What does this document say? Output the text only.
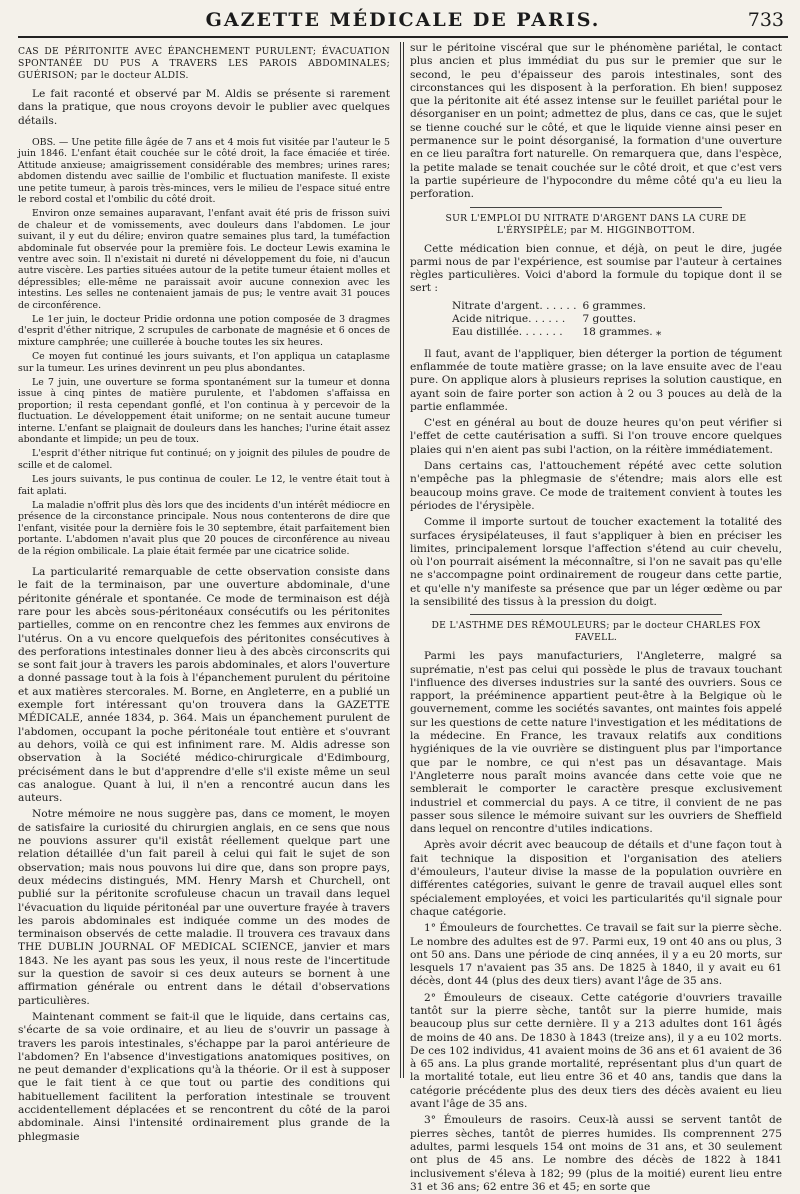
GAZETTE MÉDICALE DE PARIS.	733
CAS DE PÉRITONITE AVEC ÉPANCHEMENT PURULENT; ÉVACUATION SPONTANÉE DU PUS A TRAVERS LES PAROIS ABDOMINALES; GUÉRISON; par le docteur ALDIS.

Le fait raconté et observé par M. Aldis se présente si rarement dans la pratique, que nous croyons devoir le publier avec quelques détails.

OBS. — Une petite fille âgée de 7 ans et 4 mois fut visitée par l'auteur le 5 juin 1846. L'enfant était couchée sur le côté droit, la face émaciée et tirée. Attitude anxieuse; amaigrissement considérable des membres; urines rares; abdomen distendu avec saillie de l'ombilic et fluctuation manifeste. Il existe une petite tumeur, à parois très-minces, vers le milieu de l'espace situé entre le rebord costal et l'ombilic du côté droit.

Environ onze semaines auparavant, l'enfant avait été pris de frisson suivi de chaleur et de vomissements, avec douleurs dans l'abdomen. Le jour suivant, il y eut du délire; environ quatre semaines plus tard, la tuméfaction abdominale fut observée pour la première fois. Le docteur Lewis examina le ventre avec soin. Il n'existait ni dureté ni développement du foie, ni d'aucun autre viscère. Les parties situées autour de la petite tumeur étaient molles et dépressibles; elle-même ne paraissait avoir aucune connexion avec les intestins. Les selles ne contenaient jamais de pus; le ventre avait 31 pouces de circonférence.

Le 1er juin, le docteur Pridie ordonna une potion composée de 3 dragmes d'esprit d'éther nitrique, 2 scrupules de carbonate de magnésie et 6 onces de mixture camphrée; une cuillerée à bouche toutes les six heures.

Ce moyen fut continué les jours suivants, et l'on appliqua un cataplasme sur la tumeur. Les urines devinrent un peu plus abondantes.

Le 7 juin, une ouverture se forma spontanément sur la tumeur et donna issue à cinq pintes de matière purulente, et l'abdomen s'affaissa en proportion; il resta cependant gonflé, et l'on continua à y percevoir de la fluctuation. Le développement était uniforme; on ne sentait aucune tumeur interne. L'enfant se plaignait de douleurs dans les hanches; l'urine était assez abondante et limpide; un peu de toux.

L'esprit d'éther nitrique fut continué; on y joignit des pilules de poudre de scille et de calomel.

Les jours suivants, le pus continua de couler. Le 12, le ventre était tout à fait aplati.

La maladie n'offrit plus dès lors que des incidents d'un intérêt médiocre en présence de la circonstance principale. Nous nous contenterons de dire que l'enfant, visitée pour la dernière fois le 30 septembre, était parfaitement bien portante. L'abdomen n'avait plus que 20 pouces de circonférence au niveau de la région ombilicale. La plaie était fermée par une cicatrice solide.

La particularité remarquable de cette observation consiste dans le fait de la terminaison, par une ouverture abdominale, d'une péritonite générale et spontanée. Ce mode de terminaison est déjà rare pour les abcès sous-péritonéaux consécutifs ou les péritonites partielles, comme on en rencontre chez les femmes aux environs de l'utérus. On a vu encore quelquefois des péritonites consécutives à des perforations intestinales donner lieu à des abcès circonscrits qui se sont fait jour à travers les parois abdominales, et alors l'ouverture a donné passage tout à la fois à l'épanchement purulent du péritoine et aux matières stercorales. M. Borne, en Angleterre, en a publié un exemple fort intéressant qu'on trouvera dans la GAZETTE MÉDICALE, année 1834, p. 364. Mais un épanchement purulent de l'abdomen, occupant la poche péritonéale tout entière et s'ouvrant au dehors, voilà ce qui est infiniment rare. M. Aldis adresse son observation à la Société médico-chirurgicale d'Edimbourg, précisément dans le but d'apprendre d'elle s'il existe même un seul cas analogue. Quant à lui, il n'en a rencontré aucun dans les auteurs.

Notre mémoire ne nous suggère pas, dans ce moment, le moyen de satisfaire la curiosité du chirurgien anglais, en ce sens que nous ne pouvions assurer qu'il existât réellement quelque part une relation détaillée d'un fait pareil à celui qui fait le sujet de son observation; mais nous pouvons lui dire que, dans son propre pays, deux médecins distingués, MM. Henry Marsh et Churchell, ont publié sur la péritonite scrofuleuse chacun un travail dans lequel l'évacuation du liquide péritonéal par une ouverture frayée à travers les parois abdominales est indiquée comme un des modes de terminaison observés de cette maladie. Il trouvera ces travaux dans THE DUBLIN JOURNAL OF MEDICAL SCIENCE, janvier et mars 1843. Ne les ayant pas sous les yeux, il nous reste de l'incertitude sur la question de savoir si ces deux auteurs se bornent à une affirmation générale ou entrent dans le détail d'observations particulières.

Maintenant comment se fait-il que le liquide, dans certains cas, s'écarte de sa voie ordinaire, et au lieu de s'ouvrir un passage à travers les parois intestinales, s'échappe par la paroi antérieure de l'abdomen? En l'absence d'investigations anatomiques positives, on ne peut demander d'explications qu'à la théorie. Or il est à supposer que le fait tient à ce que tout ou partie des conditions qui habituellement facilitent la perforation intestinale se trouvent accidentellement déplacées et se rencontrent du côté de la paroi abdominale. Ainsi l'intensité ordinairement plus grande de la phlegmasie

sur le péritoine viscéral que sur le phénomène pariétal, le contact plus ancien et plus immédiat du pus sur le premier que sur le second, le peu d'épaisseur des parois intestinales, sont des circonstances qui les disposent à la perforation. Eh bien! supposez que la péritonite ait été assez intense sur le feuillet pariétal pour le désorganiser en un point; admettez de plus, dans ce cas, que le sujet se tienne couché sur le côté, et que le liquide vienne ainsi peser en permanence sur le point désorganisé, la formation d'une ouverture en ce lieu paraîtra fort naturelle. On remarquera que, dans l'espèce, la petite malade se tenait couchée sur le côté droit, et que c'est vers la partie supérieure de l'hypocondre du même côté qu'a eu lieu la perforation.

SUR L'EMPLOI DU NITRATE D'ARGENT DANS LA CURE DE L'ÉRYSIPÈLE; par M. HIGGINBOTTOM.

Cette médication bien connue, et déjà, on peut le dire, jugée parmi nous de par l'expérience, est soumise par l'auteur à certaines règles particulières. Voici d'abord la formule du topique dont il se sert :

Nitrate d'argent. . . . . .	6 grammes.
Acide nitrique. . . . . .	7 gouttes.
Eau distillée. . . . . . .	18 grammes. ⁎

Il faut, avant de l'appliquer, bien déterger la portion de tégument enflammée de toute matière grasse; on la lave ensuite avec de l'eau pure. On applique alors à plusieurs reprises la solution caustique, en ayant soin de faire porter son action à 2 ou 3 pouces au delà de la partie enflammée.

C'est en général au bout de douze heures qu'on peut vérifier si l'effet de cette cautérisation a suffi. Si l'on trouve encore quelques plaies qui n'en aient pas subi l'action, on la réitère immédiatement.

Dans certains cas, l'attouchement répété avec cette solution n'empêche pas la phlegmasie de s'étendre; mais alors elle est beaucoup moins grave. Ce mode de traitement convient à toutes les périodes de l'érysipèle.

Comme il importe surtout de toucher exactement la totalité des surfaces érysipélateuses, il faut s'appliquer à bien en préciser les limites, principalement lorsque l'affection s'étend au cuir chevelu, où l'on pourrait aisément la méconnaître, si l'on ne savait pas qu'elle ne s'accompagne point ordinairement de rougeur dans cette partie, et qu'elle n'y manifeste sa présence que par un léger œdème ou par la sensibilité des tissus à la pression du doigt.

DE L'ASTHME DES RÉMOULEURS; par le docteur CHARLES FOX FAVELL.

Parmi les pays manufacturiers, l'Angleterre, malgré sa suprématie, n'est pas celui qui possède le plus de travaux touchant l'influence des diverses industries sur la santé des ouvriers. Sous ce rapport, la prééminence appartient peut-être à la Belgique où le gouvernement, comme les sociétés savantes, ont maintes fois appelé sur les questions de cette nature l'investigation et les méditations de la médecine. En France, les travaux relatifs aux conditions hygiéniques de la vie ouvrière se distinguent plus par l'importance que par le nombre, ce qui n'est pas un désavantage. Mais l'Angleterre nous paraît moins avancée dans cette voie que ne semblerait le comporter le caractère presque exclusivement industriel et commercial du pays. A ce titre, il convient de ne pas passer sous silence le mémoire suivant sur les ouvriers de Sheffield dans lequel on rencontre d'utiles indications.

Après avoir décrit avec beaucoup de détails et d'une façon tout à fait technique la disposition et l'organisation des ateliers d'émouleurs, l'auteur divise la masse de la population ouvrière en différentes catégories, suivant le genre de travail auquel elles sont spécialement employées, et voici les particularités qu'il signale pour chaque catégorie.

1° Émouleurs de fourchettes. Ce travail se fait sur la pierre sèche. Le nombre des adultes est de 97. Parmi eux, 19 ont 40 ans ou plus, 3 ont 50 ans. Dans une période de cinq années, il y a eu 20 morts, sur lesquels 17 n'avaient pas 35 ans. De 1825 à 1840, il y avait eu 61 décès, dont 44 (plus des deux tiers) avant l'âge de 35 ans.

2° Émouleurs de ciseaux. Cette catégorie d'ouvriers travaille tantôt sur la pierre sèche, tantôt sur la pierre humide, mais beaucoup plus sur cette dernière. Il y a 213 adultes dont 161 âgés de moins de 40 ans. De 1830 à 1843 (treize ans), il y a eu 102 morts. De ces 102 individus, 41 avaient moins de 36 ans et 61 avaient de 36 à 65 ans. La plus grande mortalité, représentant plus d'un quart de la mortalité totale, eut lieu entre 36 et 40 ans, tandis que dans la catégorie précédente plus des deux tiers des décès avaient eu lieu avant l'âge de 35 ans.

3° Émouleurs de rasoirs. Ceux-là aussi se servent tantôt de pierres sèches, tantôt de pierres humides. Ils comprennent 275 adultes, parmi lesquels 154 ont moins de 31 ans, et 30 seulement ont plus de 45 ans. Le nombre des décès de 1822 à 1841 inclusivement s'éleva à 182; 99 (plus de la moitié) eurent lieu entre 31 et 36 ans; 62 entre 36 et 45; en sorte que
